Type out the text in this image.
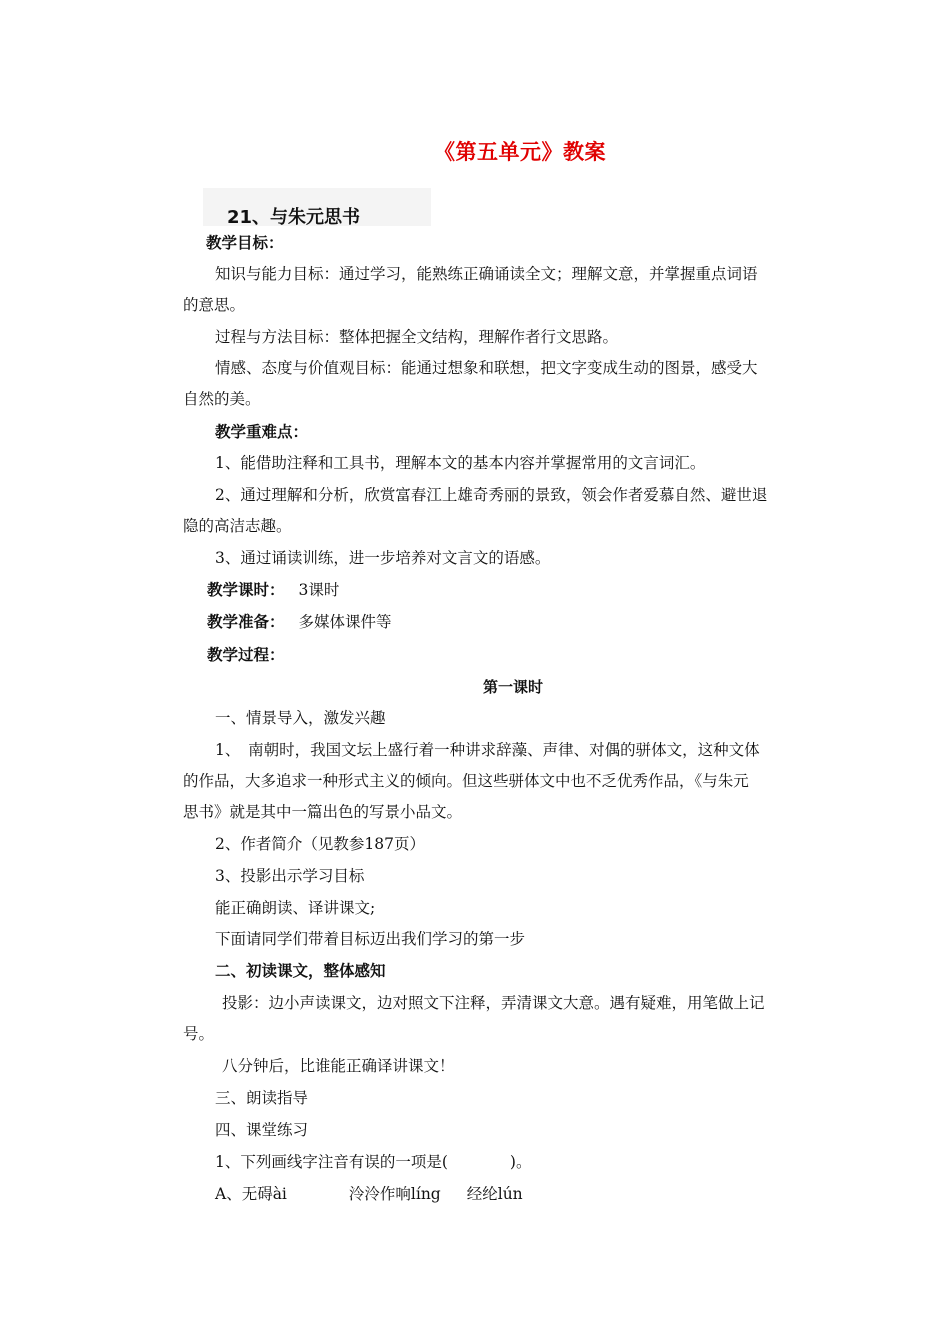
《第五单元》教案
21、与朱元思书
教学目标：
知识与能力目标：通过学习，能熟练正确诵读全文；理解文意，并掌握重点词语
的意思。
过程与方法目标：整体把握全文结构，理解作者行文思路。
情感、态度与价值观目标：能通过想象和联想，把文字变成生动的图景，感受大
自然的美。
教学重难点：
1、能借助注释和工具书，理解本文的基本内容并掌握常用的文言词汇。
2、通过理解和分析，欣赏富春江上雄奇秀丽的景致，领会作者爱慕自然、避世退
隐的高洁志趣。
3、通过诵读训练，进一步培养对文言文的语感。
教学课时： 3课时
教学准备： 多媒体课件等
教学过程：
第一课时
一、情景导入，激发兴趣
1、　南朝时，我国文坛上盛行着一种讲求辞藻、声律、对偶的骈体文，这种文体
的作品，大多追求一种形式主义的倾向。但这些骈体文中也不乏优秀作品，《与朱元
思书》就是其中一篇出色的写景小品文。
2、作者简介（见教参187页）
3、投影出示学习目标
能正确朗读、译讲课文;
下面请同学们带着目标迈出我们学习的第一步
二、初读课文，整体感知
投影：边小声读课文，边对照文下注释，弄清课文大意。遇有疑难，用笔做上记
号。
八分钟后，比谁能正确译讲课文！
三、朗读指导
四、课堂练习
1、下列画线字注音有误的一项是(　　　　)。
A、无碍ài	泠泠作响líng 经纶lún
